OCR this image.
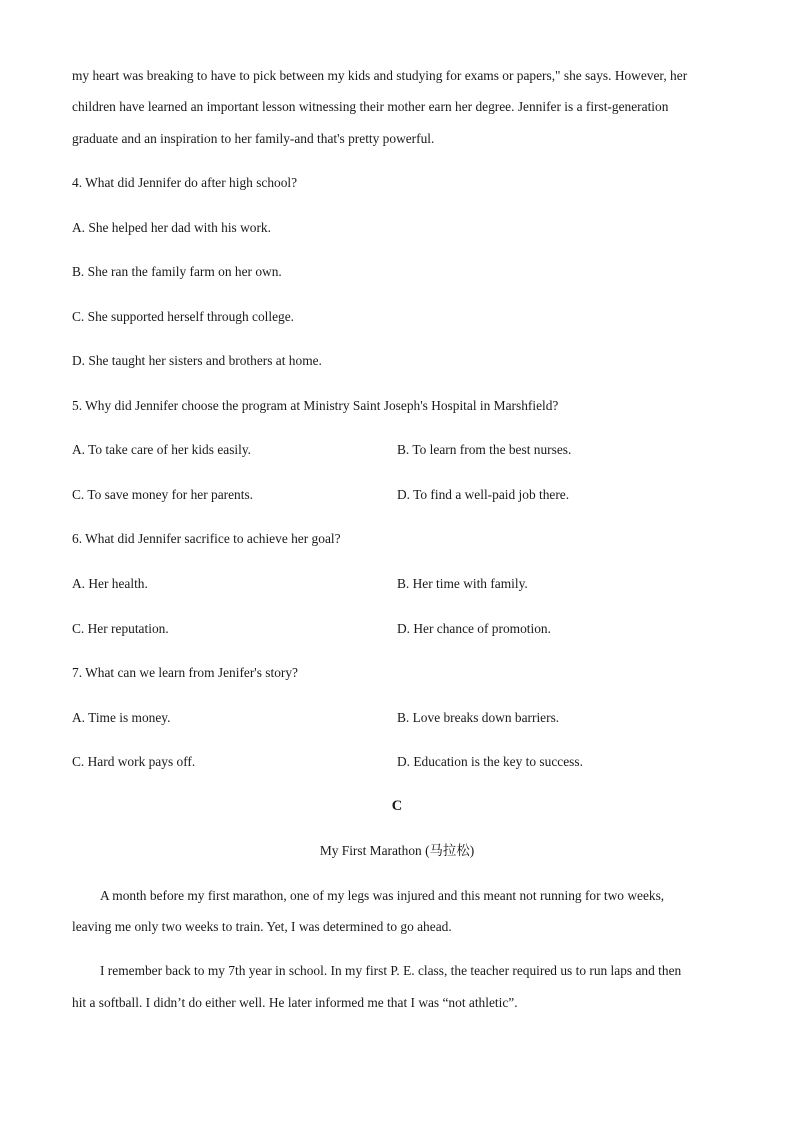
my heart was breaking to have to pick between my kids and studying for exams or papers," she says. However, her
children have learned an important lesson witnessing their mother earn her degree. Jennifer is a first-generation
graduate and an inspiration to her family-and that's pretty powerful.
4. What did Jennifer do after high school?
A. She helped her dad with his work.
B. She ran the family farm on her own.
C. She supported herself through college.
D. She taught her sisters and brothers at home.
5. Why did Jennifer choose the program at Ministry Saint Joseph's Hospital in Marshfield?
A. To take care of her kids easily.	B. To learn from the best nurses.
C. To save money for her parents.	D. To find a well-paid job there.
6. What did Jennifer sacrifice to achieve her goal?
A. Her health.	B. Her time with family.
C. Her reputation.	D. Her chance of promotion.
7. What can we learn from Jenifer's story?
A. Time is money.	B. Love breaks down barriers.
C. Hard work pays off.	D. Education is the key to success.
C
My First Marathon (马拉松)
A month before my first marathon, one of my legs was injured and this meant not running for two weeks,
leaving me only two weeks to train. Yet, I was determined to go ahead.
I remember back to my 7th year in school. In my first P. E. class, the teacher required us to run laps and then
hit a softball. I didn’t do either well. He later informed me that I was “not athletic”.
